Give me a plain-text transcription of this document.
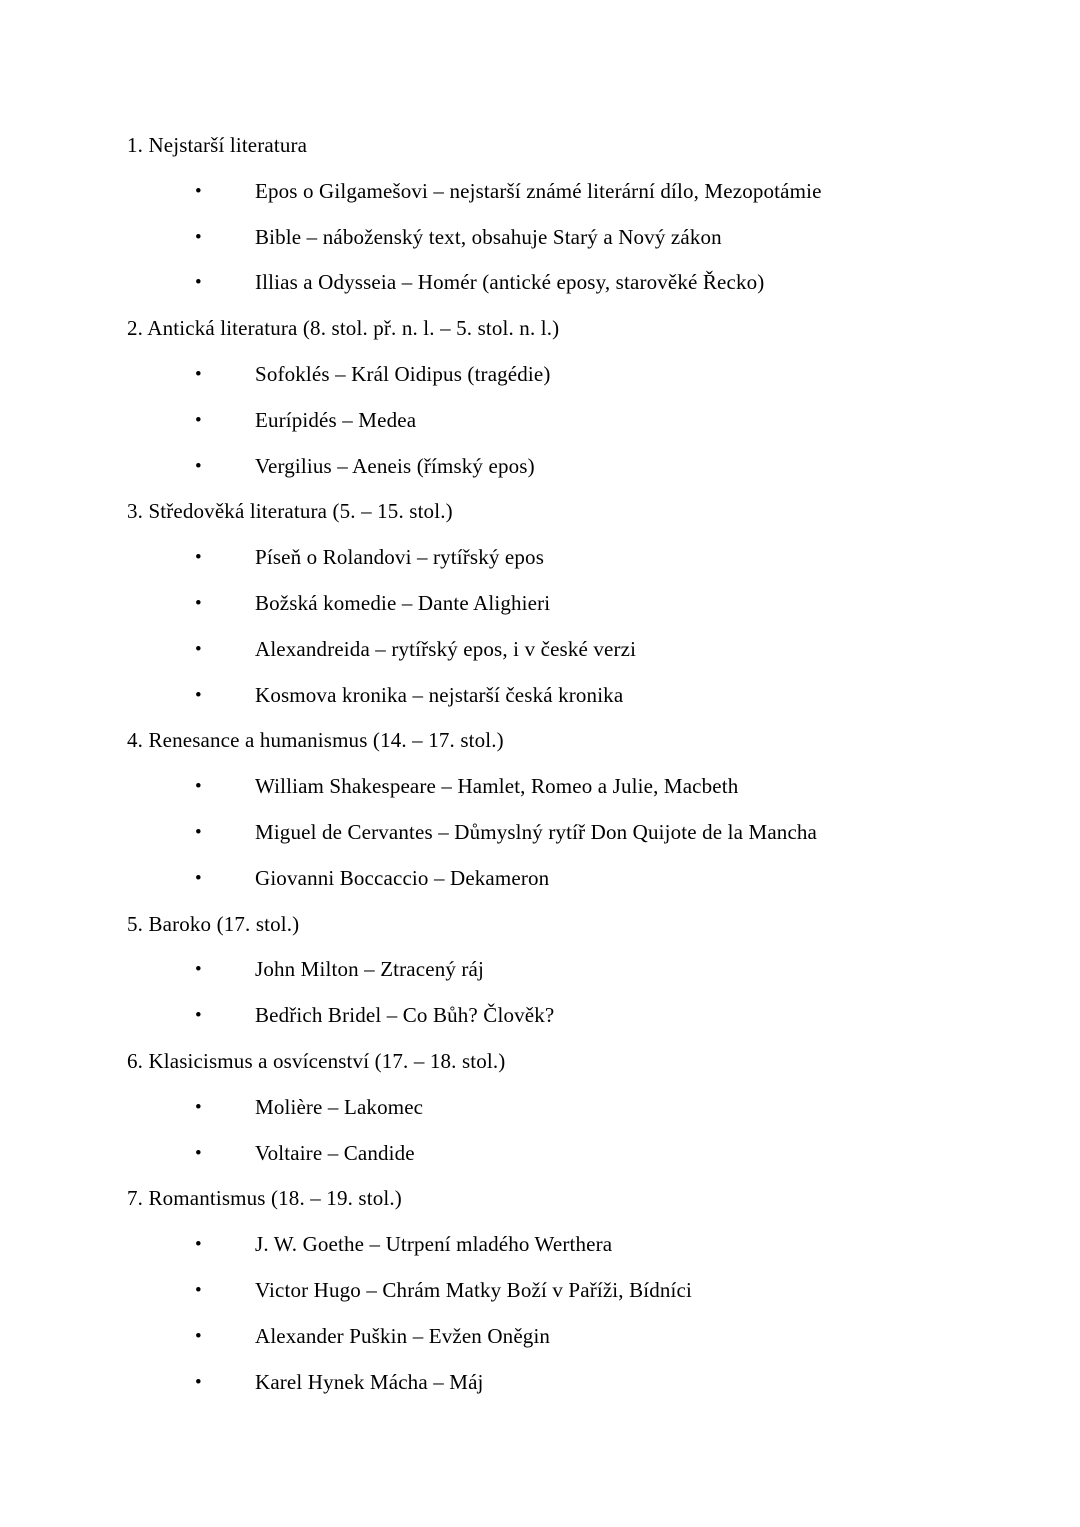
1. Nejstarší literatura
•	Epos o Gilgamešovi – nejstarší známé literární dílo, Mezopotámie
•	Bible – náboženský text, obsahuje Starý a Nový zákon
•	Illias a Odysseia – Homér (antické eposy, starověké Řecko)
2. Antická literatura (8. stol. př. n. l. – 5. stol. n. l.)
•	Sofoklés – Král Oidipus (tragédie)
•	Eurípidés – Medea
•	Vergilius – Aeneis (římský epos)
3. Středověká literatura (5. – 15. stol.)
•	Píseň o Rolandovi – rytířský epos
•	Božská komedie – Dante Alighieri
•	Alexandreida – rytířský epos, i v české verzi
•	Kosmova kronika – nejstarší česká kronika
4. Renesance a humanismus (14. – 17. stol.)
•	William Shakespeare – Hamlet, Romeo a Julie, Macbeth
•	Miguel de Cervantes – Důmyslný rytíř Don Quijote de la Mancha
•	Giovanni Boccaccio – Dekameron
5. Baroko (17. stol.)
•	John Milton – Ztracený ráj
•	Bedřich Bridel – Co Bůh? Člověk?
6. Klasicismus a osvícenství (17. – 18. stol.)
•	Molière – Lakomec
•	Voltaire – Candide
7. Romantismus (18. – 19. stol.)
•	J. W. Goethe – Utrpení mladého Werthera
•	Victor Hugo – Chrám Matky Boží v Paříži, Bídníci
•	Alexander Puškin – Evžen Oněgin
•	Karel Hynek Mácha – Máj
